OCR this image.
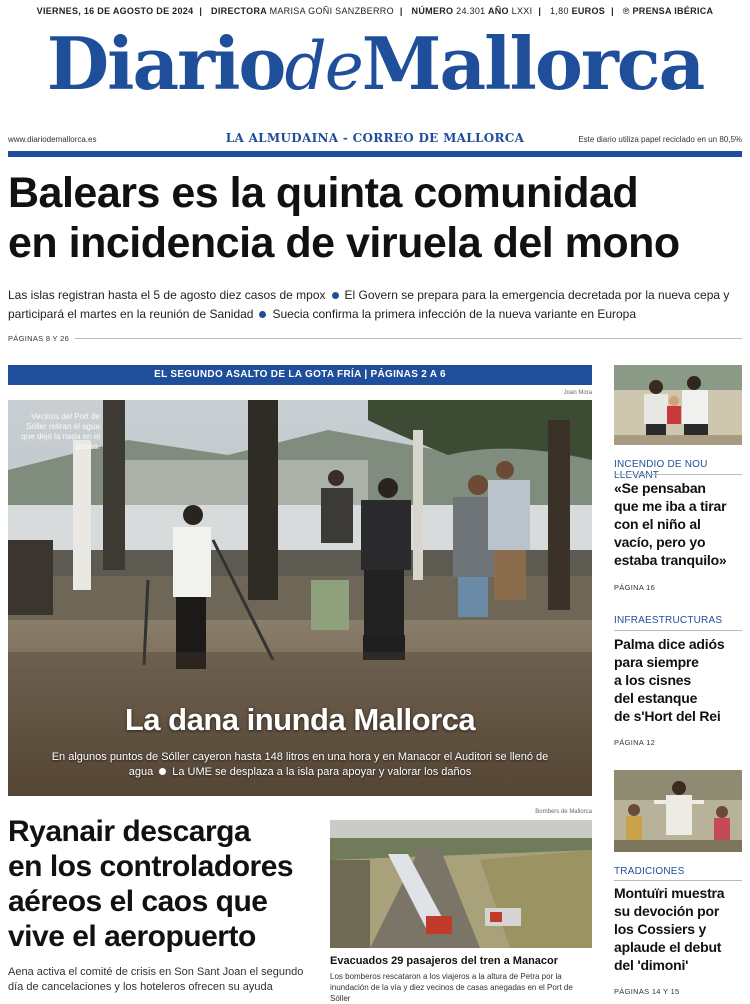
VIERNES, 16 DE AGOSTO DE 2024 | DIRECTORA MARISA GOÑI SANZBERRO | NÚMERO 24.301 AÑO LXXI | 1,80 EUROS | ℗ PRENSA IBÉRICA
DiariodeMallorca
www.diariodemallorca.es	LA ALMUDAINA - CORREO DE MALLORCA	Este diario utiliza papel reciclado en un 80,5%
Balears es la quinta comunidad
en incidencia de viruela del mono
Las islas registran hasta el 5 de agosto diez casos de mpox El Govern se prepara para la emergencia decretada por la nueva cepa y participará el martes en la reunión de Sanidad Suecia confirma la primera infección de la nueva variante en Europa
PÁGINAS 8 Y 26
EL SEGUNDO ASALTO DE LA GOTA FRÍA | PÁGINAS 2 A 6
Joan Mora
Vecinos del Port de Sóller retiran el agua que dejó la riada en el paseo.
La dana inunda Mallorca
En algunos puntos de Sóller cayeron hasta 148 litros en una hora y en Manacor el Auditori se llenó de agua La UME se desplaza a la isla para apoyar y valorar los daños
Ryanair descarga
en los controladores
aéreos el caos que
vive el aeropuerto
Aena activa el comité de crisis en Son Sant Joan el segundo día de cancelaciones y los hoteleros ofrecen su ayuda
Bombers de Mallorca
Evacuados 29 pasajeros del tren a Manacor
Los bomberos rescataron a los viajeros a la altura de Petra por la inundación de la vía y diez vecinos de casas anegadas en el Port de Sóller
INCENDIO DE NOU LLEVANT
«Se pensaban
que me iba a tirar
con el niño al
vacío, pero yo
estaba tranquilo»
PÁGINA 16
INFRAESTRUCTURAS
Palma dice adiós
para siempre
a los cisnes
del estanque
de s'Hort del Rei
PÁGINA 12
TRADICIONES
Montuïri muestra
su devoción por
los Cossiers y
aplaude el debut
del 'dimoni'
PÁGINAS 14 Y 15
